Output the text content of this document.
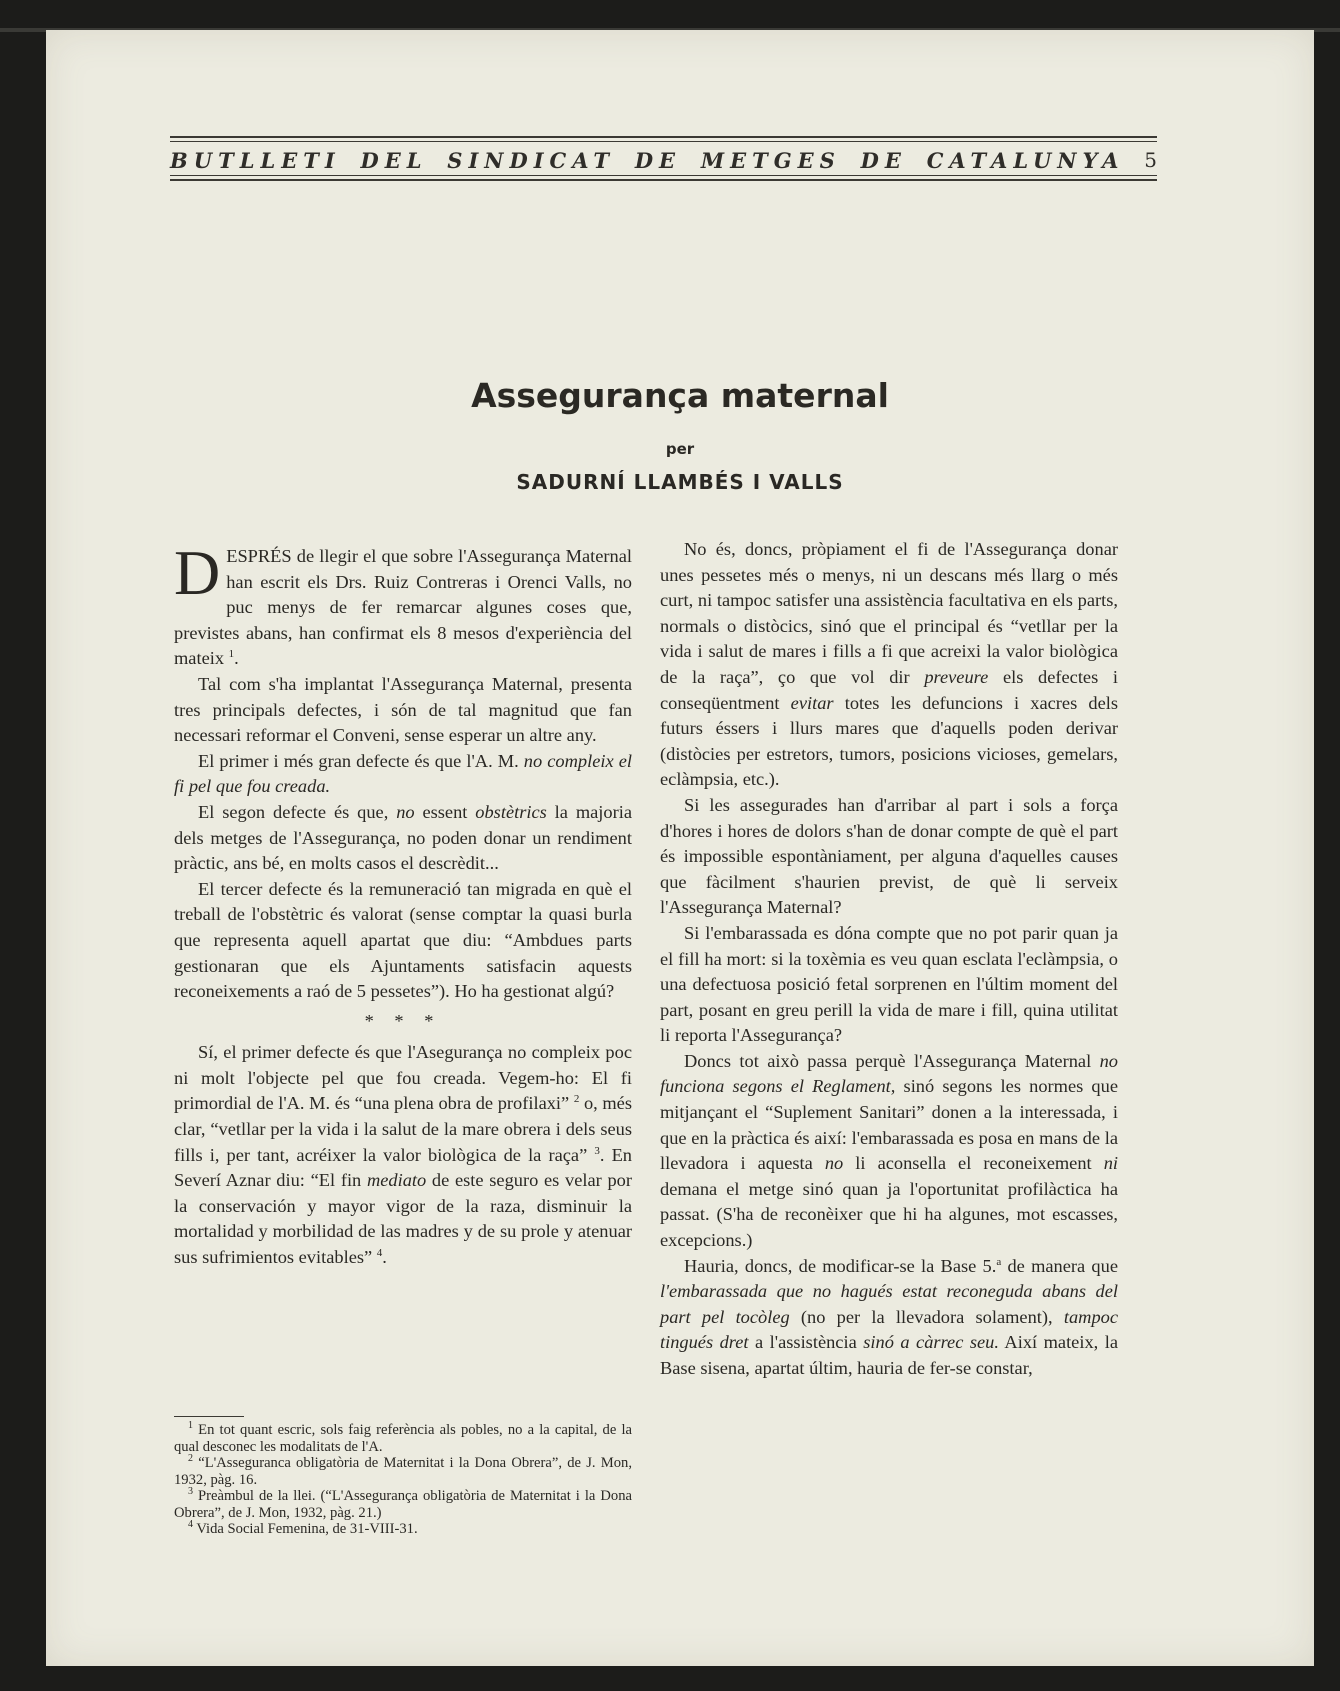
BUTLLETI DEL SINDICAT DE METGES DE CATALUNYA 5
Assegurança maternal
per
SADURNÍ LLAMBÉS I VALLS

DESPRÉS de llegir el que sobre l'Assegurança Maternal han escrit els Drs. Ruiz Contreras i Orenci Valls, no puc menys de fer remarcar algunes coses que, previstes abans, han confirmat els 8 mesos d'experiència del mateix $^1$.

Tal com s'ha implantat l'Assegurança Maternal, presenta tres principals defectes, i són de tal magnitud que fan necessari reformar el Conveni, sense esperar un altre any.

El primer i més gran defecte és que l'A. M. no compleix el fi pel que fou creada.

El segon defecte és que, no essent obstètrics la majoria dels metges de l'Assegurança, no poden donar un rendiment pràctic, ans bé, en molts casos el descrèdit...

El tercer defecte és la remuneració tan migrada en què el treball de l'obstètric és valorat (sense comptar la quasi burla que representa aquell apartat que diu: “Ambdues parts gestionaran que els Ajuntaments satisfacin aquests reconeixements a raó de 5 pessetes”). Ho ha gestionat algú?

* * *

Sí, el primer defecte és que l'Asegurança no compleix poc ni molt l'objecte pel que fou creada. Vegem-ho: El fi primordial de l'A. M. és “una plena obra de profilaxi” $^2$ o, més clar, “vetllar per la vida i la salut de la mare obrera i dels seus fills i, per tant, acréixer la valor biològica de la raça” $^3$. En Severí Aznar diu: “El fin mediato de este seguro es velar por la conservación y mayor vigor de la raza, disminuir la mortalidad y morbilidad de las madres y de su prole y atenuar sus sufrimientos evitables” $^4$.

$^1$ En tot quant escric, sols faig referència als pobles, no a la capital, de la qual desconec les modalitats de l'A.
$^2$ “L'Asseguranca obligatòria de Maternitat i la Dona Obrera”, de J. Mon, 1932, pàg. 16.
$^3$ Preàmbul de la llei. (“L'Assegurança obligatòria de Maternitat i la Dona Obrera”, de J. Mon, 1932, pàg. 21.)
$^4$ Vida Social Femenina, de 31-VIII-31.

No és, doncs, pròpiament el fi de l'Assegurança donar unes pessetes més o menys, ni un descans més llarg o més curt, ni tampoc satisfer una assistència facultativa en els parts, normals o distòcics, sinó que el principal és “vetllar per la vida i salut de mares i fills a fi que acreixi la valor biològica de la raça”, ço que vol dir preveure els defectes i conseqüentment evitar totes les defuncions i xacres dels futurs éssers i llurs mares que d'aquells poden derivar (distòcies per estretors, tumors, posicions vicioses, gemelars, eclàmpsia, etc.).

Si les assegurades han d'arribar al part i sols a força d'hores i hores de dolors s'han de donar compte de què el part és impossible espontàniament, per alguna d'aquelles causes que fàcilment s'haurien previst, de què li serveix l'Assegurança Maternal?

Si l'embarassada es dóna compte que no pot parir quan ja el fill ha mort: si la toxèmia es veu quan esclata l'eclàmpsia, o una defectuosa posició fetal sorprenen en l'últim moment del part, posant en greu perill la vida de mare i fill, quina utilitat li reporta l'Assegurança?

Doncs tot això passa perquè l'Assegurança Maternal no funciona segons el Reglament, sinó segons les normes que mitjançant el “Suplement Sanitari” donen a la interessada, i que en la pràctica és així: l'embarassada es posa en mans de la llevadora i aquesta no li aconsella el reconeixement ni demana el metge sinó quan ja l'oportunitat profilàctica ha passat. (S'ha de reconèixer que hi ha algunes, mot escasses, excepcions.)

Hauria, doncs, de modificar-se la Base 5.$^a$ de manera que l'embarassada que no hagués estat reconeguda abans del part pel tocòleg (no per la llevadora solament), tampoc tingués dret a l'assistència sinó a càrrec seu. Així mateix, la Base sisena, apartat últim, hauria de fer-se constar,
